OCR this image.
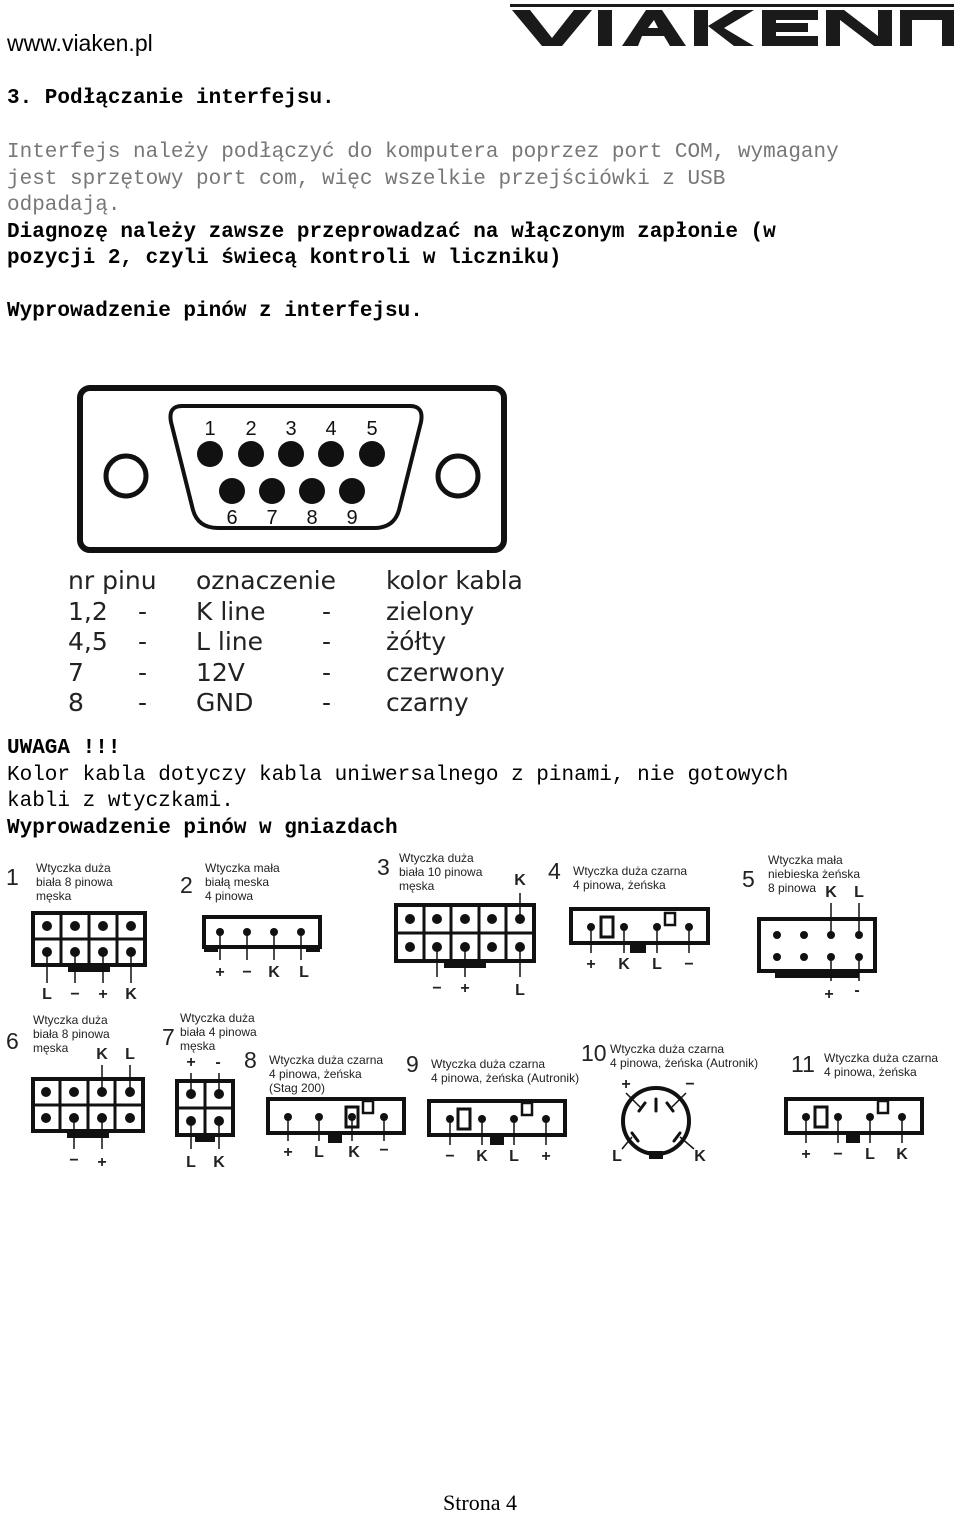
www.viaken.pl
3. Podłączanie interfejsu.
Interfejs należy podłączyć do komputera poprzez port COM, wymagany
jest sprzętowy port com, więc wszelkie przejściówki z USB
odpadają.
Diagnozę należy zawsze przeprowadzać na włączonym zapłonie (w
pozycji 2, czyli świecą kontroli w liczniku)
Wyprowadzenie pinów z interfejsu.
1 2 3 4 5
6 7 8 9
nr pinu oznaczenie kolor kabla
1,2 - K line - zielony
4,5 - L line - żółty
7 - 12V	- czerwony
8 - GND	- czarny
UWAGA !!!
Kolor kabla dotyczy kabla uniwersalnego z pinami, nie gotowych
kabli z wtyczkami.
Wyprowadzenie pinów w gniazdach
1 Wtyczka duża
biała 8 pinowa
męska
L − + K
2
Wtyczka mała
białą meska
4 pinowa
+ − K L
3 Wtyczka duża
biała 10 pinowa
męska	K
− +	L
4 Wtyczka duża czarna
4 pinowa, żeńska
+ K L −
5
Wtyczka mała
niebieska żeńska
8 pinowa K L
+ -
6
Wtyczka duża
biała 8 pinowa
męska K L
− +
7
Wtyczka duża
biała 4 pinowa
męska
+ -
L K
8 Wtyczka duża czarna
4 pinowa, żeńska
(Stag 200)
+ L K −
9 Wtyczka duża czarna
4 pinowa, żeńska (Autronik)
− K L +
10 Wtyczka duża czarna
4 pinowa, żeńska (Autronik)
+	−
L	K
11 Wtyczka duża czarna
4 pinowa, żeńska
+ − L K
Strona 4
